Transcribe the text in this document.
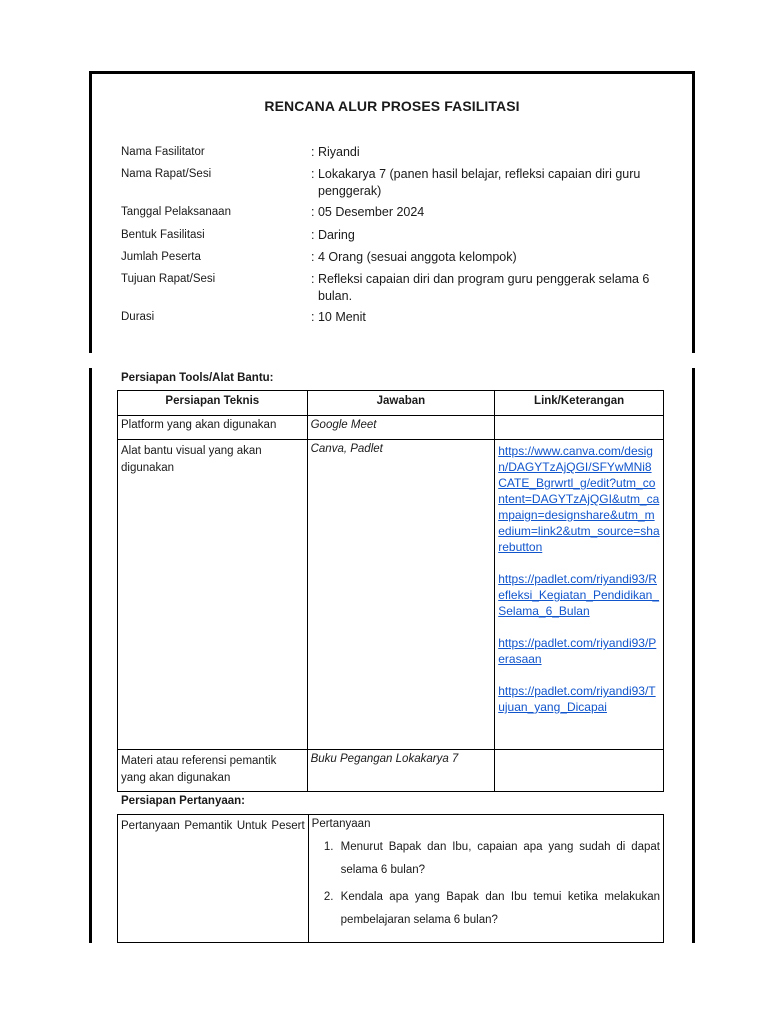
RENCANA ALUR PROSES FASILITASI
Nama Fasilitator	: Riyandi
Nama Rapat/Sesi	: Lokakarya 7 (panen hasil belajar, refleksi capaian diri guru penggerak)
Tanggal Pelaksanaan	: 05 Desember 2024
Bentuk Fasilitasi	: Daring
Jumlah Peserta	: 4 Orang (sesuai anggota kelompok)
Tujuan Rapat/Sesi	: Refleksi capaian diri dan program guru penggerak selama 6 bulan.
Durasi	: 10 Menit
Persiapan Tools/Alat Bantu:
Persiapan Teknis	Jawaban	Link/Keterangan
Platform yang akan digunakan	Google Meet	
Alat bantu visual yang akan digunakan	Canva, Padlet	https://www.canva.com/design/DAGYTzAjQGI/SFYwMNi8CATE_Bgrwrtl_g/edit?utm_content=DAGYTzAjQGI&utm_campaign=designshare&utm_medium=link2&utm_source=sharebutton
https://padlet.com/riyandi93/Refleksi_Kegiatan_Pendidikan_Selama_6_Bulan
https://padlet.com/riyandi93/Perasaan
https://padlet.com/riyandi93/Tujuan_yang_Dicapai

Materi atau referensi pemantik yang akan digunakan	Buku Pegangan Lokakarya 7	
Persiapan Pertanyaan:
Pertanyaan Pemantik Untuk Pesert	Pertanyaan
1. Menurut Bapak dan Ibu, capaian apa yang sudah di dapat selama 6 bulan?
2. Kendala apa yang Bapak dan Ibu temui ketika melakukan pembelajaran selama 6 bulan?
